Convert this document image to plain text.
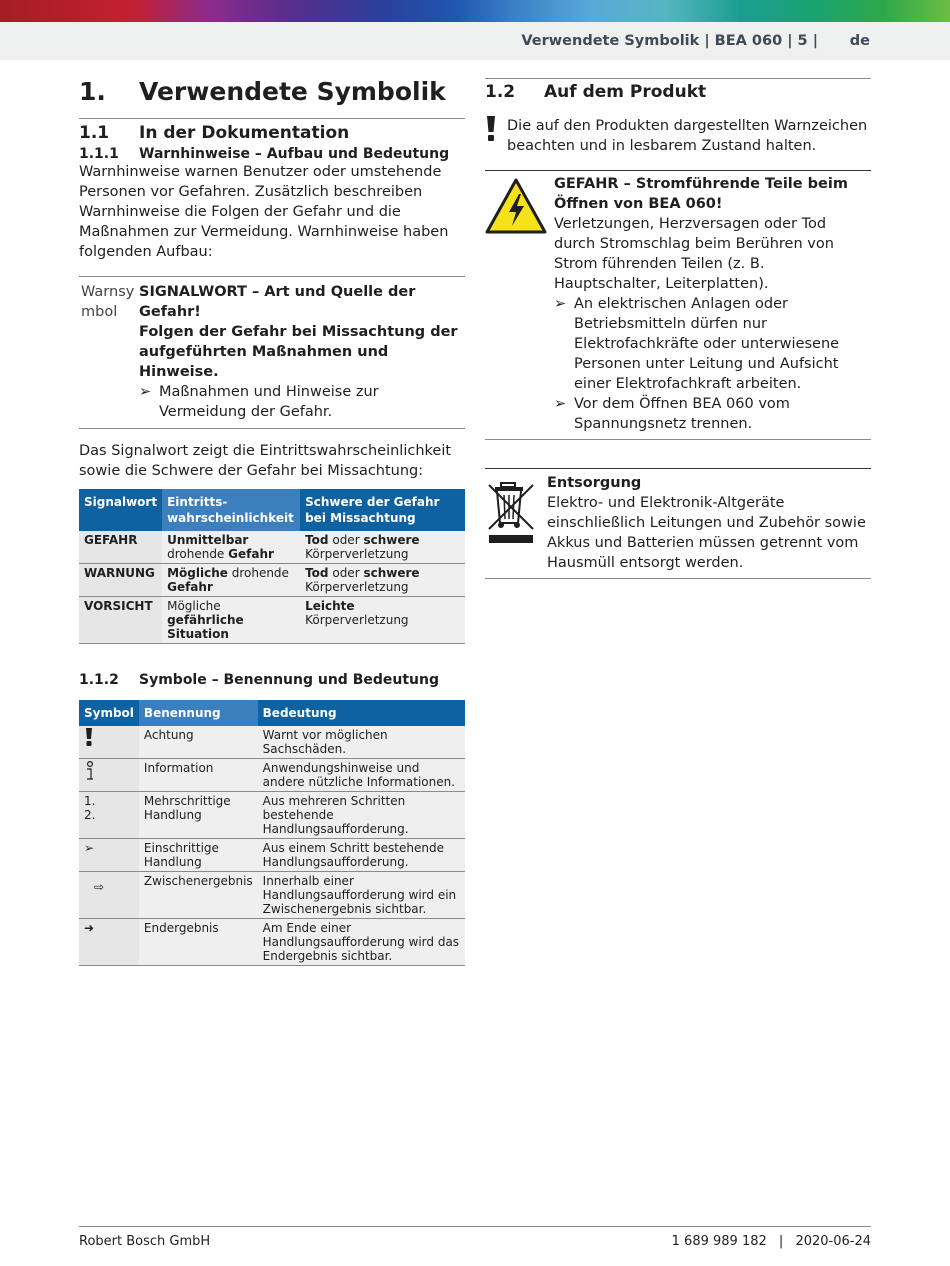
Verwendete Symbolik | BEA 060 | 5 | de
1.	Verwendete Symbolik
1.1	In der Dokumentation
1.1.1	Warnhinweise – Aufbau und Bedeutung

Warnhinweise warnen Benutzer oder umstehende Personen vor Gefahren. Zusätzlich beschreiben Warnhinweise die Folgen der Gefahr und die Maßnahmen zur Vermeidung. Warnhinweise haben folgenden Aufbau:

Warnsymbol
SIGNALWORT – Art und Quelle der Gefahr!
Folgen der Gefahr bei Missachtung der aufgeführten Maßnahmen und Hinweise.
➢ Maßnahmen und Hinweise zur Vermeidung der Gefahr.

Das Signalwort zeigt die Eintrittswahrscheinlichkeit sowie die Schwere der Gefahr bei Missachtung:

Signalwort	Eintrittswahrscheinlichkeit	Schwere der Gefahr bei Missachtung
GEFAHR	Unmittelbar drohende Gefahr	Tod oder schwere Körperverletzung
WARNUNG	Mögliche drohende Gefahr	Tod oder schwere Körperverletzung
VORSICHT	Mögliche gefährliche Situation	Leichte Körperverletzung
1.1.2	Symbole – Benennung und Bedeutung
Symbol	Benennung	Bedeutung
	Achtung	Warnt vor möglichen Sachschäden.
	Information	Anwendungshinweise und andere nützliche Informationen.
1.
2.	Mehrschrittige Handlung	Aus mehreren Schritten bestehende Handlungsaufforderung.
➢	Einschrittige Handlung	Aus einem Schritt bestehende Handlungsaufforderung.
⇨	Zwischenergebnis	Innerhalb einer Handlungsaufforderung wird ein Zwischenergebnis sichtbar.
➜	Endergebnis	Am Ende einer Handlungsaufforderung wird das Endergebnis sichtbar.
1.2	Auf dem Produkt
Die auf den Produkten dargestellten Warnzeichen beachten und in lesbarem Zustand halten.
GEFAHR – Stromführende Teile beim Öffnen von BEA 060!
Verletzungen, Herzversagen oder Tod durch Stromschlag beim Berühren von Strom führenden Teilen (z. B. Hauptschalter, Leiterplatten).
➢ An elektrischen Anlagen oder Betriebsmitteln dürfen nur Elektrofachkräfte oder unterwiesene Personen unter Leitung und Aufsicht einer Elektrofachkraft arbeiten.
➢ Vor dem Öffnen BEA 060 vom Spannungsnetz trennen.
Entsorgung
Elektro- und Elektronik-Altgeräte einschließlich Leitungen und Zubehör sowie Akkus und Batterien müssen getrennt vom Hausmüll entsorgt werden.
Robert Bosch GmbH	1 689 989 182 | 2020-06-24
